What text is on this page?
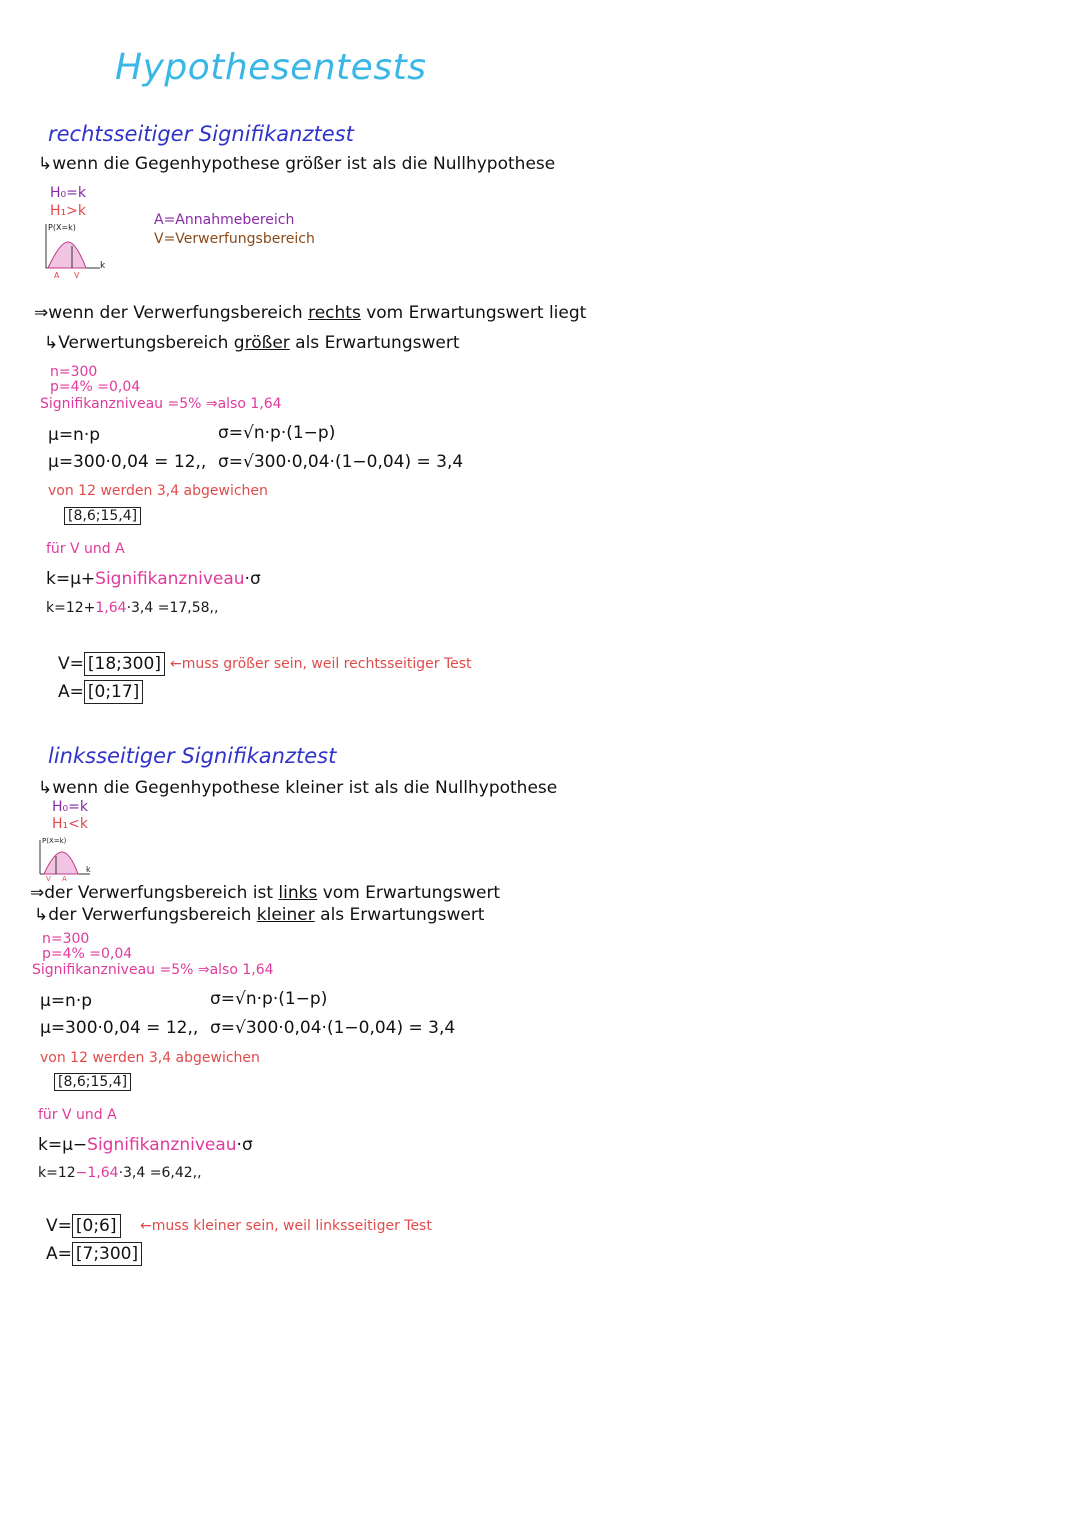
Hypothesentests
rechtsseitiger Signifikanztest
↳wenn die Gegenhypothese größer ist als die Nullhypothese
H₀=k
H₁>k
P(X=k)
k
A V
A=Annahmebereich
V=Verwerfungsbereich
⇒wenn der Verwerfungsbereich rechts vom Erwartungswert liegt
↳Verwertungsbereich größer als Erwartungswert
n=300
p=4% =0,04
Signifikanzniveau =5% ⇒also 1,64
μ=n·p	σ=√n·p·(1−p)
μ=300·0,04 = 12,, σ=√300·0,04·(1−0,04) = 3,4
von 12 werden 3,4 abgewichen
[8,6;15,4]
für V und A
k=μ+Signifikanzniveau·σ
k=12+1,64·3,4 =17,58,,
V= [18;300] ←muss größer sein, weil rechtsseitiger Test
A= [0;17]
linksseitiger Signifikanztest
↳wenn die Gegenhypothese kleiner ist als die Nullhypothese
H₀=k
H₁<k
P(X=k)
k
V A
⇒der Verwerfungsbereich ist links vom Erwartungswert
↳der Verwerfungsbereich kleiner als Erwartungswert
n=300
p=4% =0,04
Signifikanzniveau =5% ⇒also 1,64
μ=n·p	σ=√n·p·(1−p)
μ=300·0,04 = 12,, σ=√300·0,04·(1−0,04) = 3,4
von 12 werden 3,4 abgewichen
[8,6;15,4]
für V und A
k=μ−Signifikanzniveau·σ
k=12−1,64·3,4 =6,42,,
V= [0;6] ←muss kleiner sein, weil linksseitiger Test
A= [7;300]
